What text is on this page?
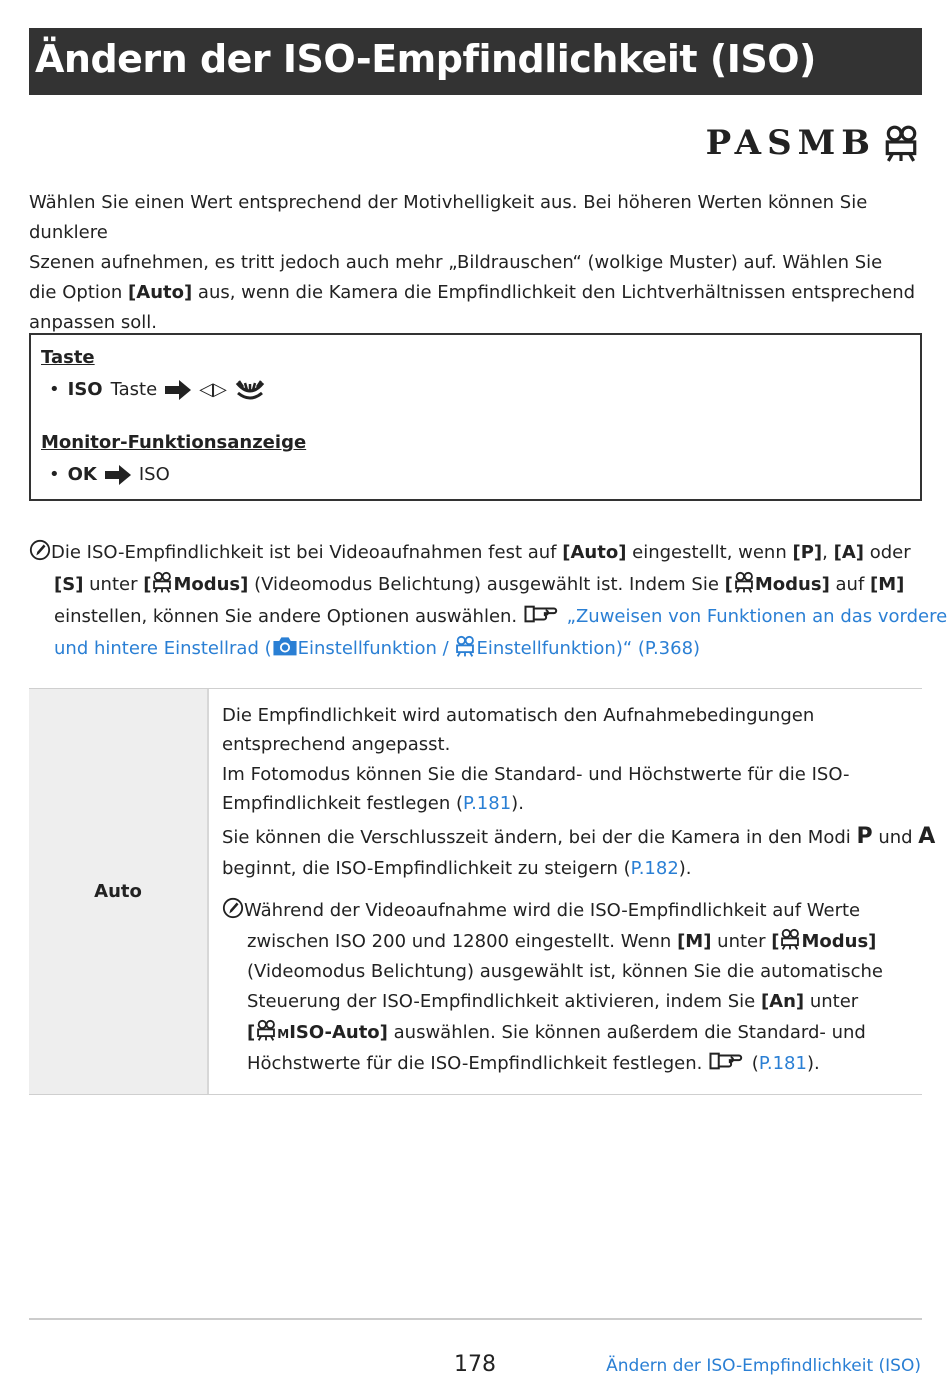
Ändern der ISO-Empfindlichkeit (ISO)
PASMB
Wählen Sie einen Wert entsprechend der Motivhelligkeit aus. Bei höheren Werten können Sie dunklere
Szenen aufnehmen, es tritt jedoch auch mehr „Bildrauschen“ (wolkige Muster) auf. Wählen Sie
die Option [Auto] aus, wenn die Kamera die Empfindlichkeit den Lichtverhältnissen entsprechend
anpassen soll.
Taste
• ISO Taste ◁▷
Monitor-Funktionsanzeige
• OK ISO
Die ISO-Empfindlichkeit ist bei Videoaufnahmen fest auf [Auto] eingestellt, wenn [P], [A] oder
[S] unter [ Modus] (Videomodus Belichtung) ausgewählt ist. Indem Sie [ Modus] auf [M]
einstellen, können Sie andere Optionen auswählen.  „Zuweisen von Funktionen an das vordere
und hintere Einstellrad ( Einstellfunktion / Einstellfunktion)“ (P.368)
Auto
Die Empfindlichkeit wird automatisch den Aufnahmebedingungen
entsprechend angepasst.
Im Fotomodus können Sie die Standard- und Höchstwerte für die ISO-
Empfindlichkeit festlegen (P.181).
Sie können die Verschlusszeit ändern, bei der die Kamera in den Modi P und A
beginnt, die ISO-Empfindlichkeit zu steigern (P.182).
Während der Videoaufnahme wird die ISO-Empfindlichkeit auf Werte
zwischen ISO 200 und 12800 eingestellt. Wenn [M] unter [ Modus]
(Videomodus Belichtung) ausgewählt ist, können Sie die automatische
Steuerung der ISO-Empfindlichkeit aktivieren, indem Sie [An] unter
[ MISO-Auto] auswählen. Sie können außerdem die Standard- und
Höchstwerte für die ISO-Empfindlichkeit festlegen.  (P.181).
178	Ändern der ISO-Empfindlichkeit (ISO)
